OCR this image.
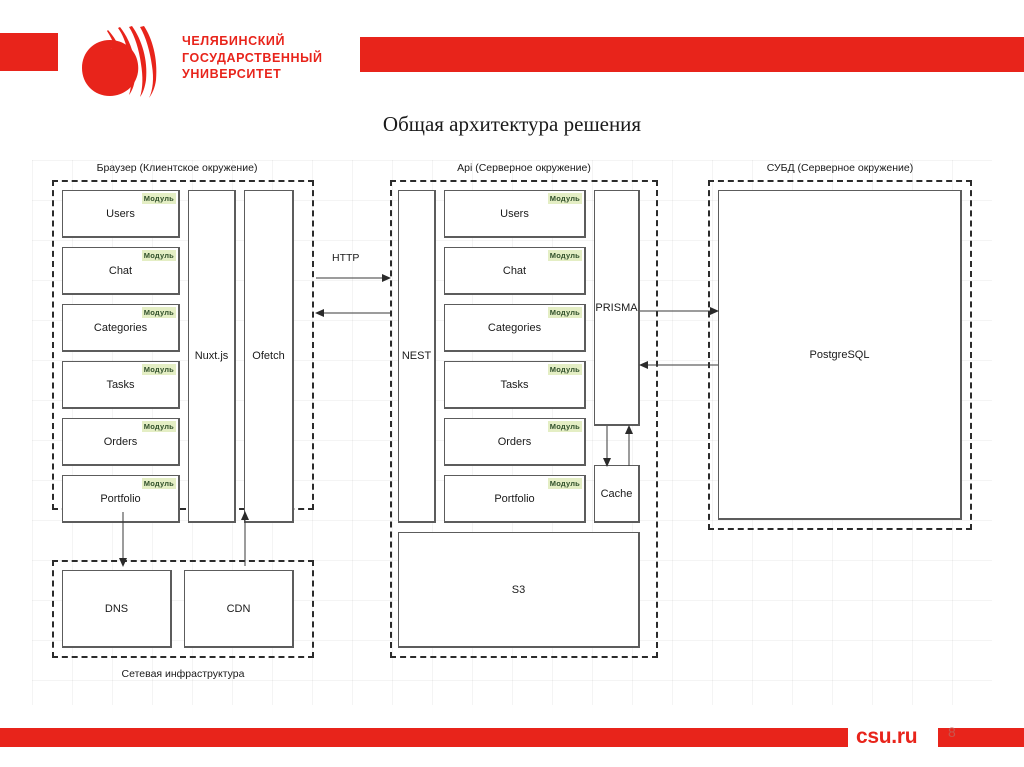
ЧЕЛЯБИНСКИЙ
ГОСУДАРСТВЕННЫЙ
УНИВЕРСИТЕТ
Общая архитектура решения
Браузер (Клиентское окружение)
Модуль
Users
Модуль
Chat
Модуль
Categories
Модуль
Tasks
Модуль
Orders
Модуль
Portfolio
Nuxt.js Ofetch
Сетевая инфраструктура
DNS	CDN
Api (Серверное окружение)
NEST
Модуль
Users
Модуль
Chat
Модуль
Categories
Модуль
Tasks
Модуль
Orders
Модуль
Portfolio
PRISMA
Cache
S3
HTTP
СУБД (Серверное окружение)
PostgreSQL
csu.ru 8
